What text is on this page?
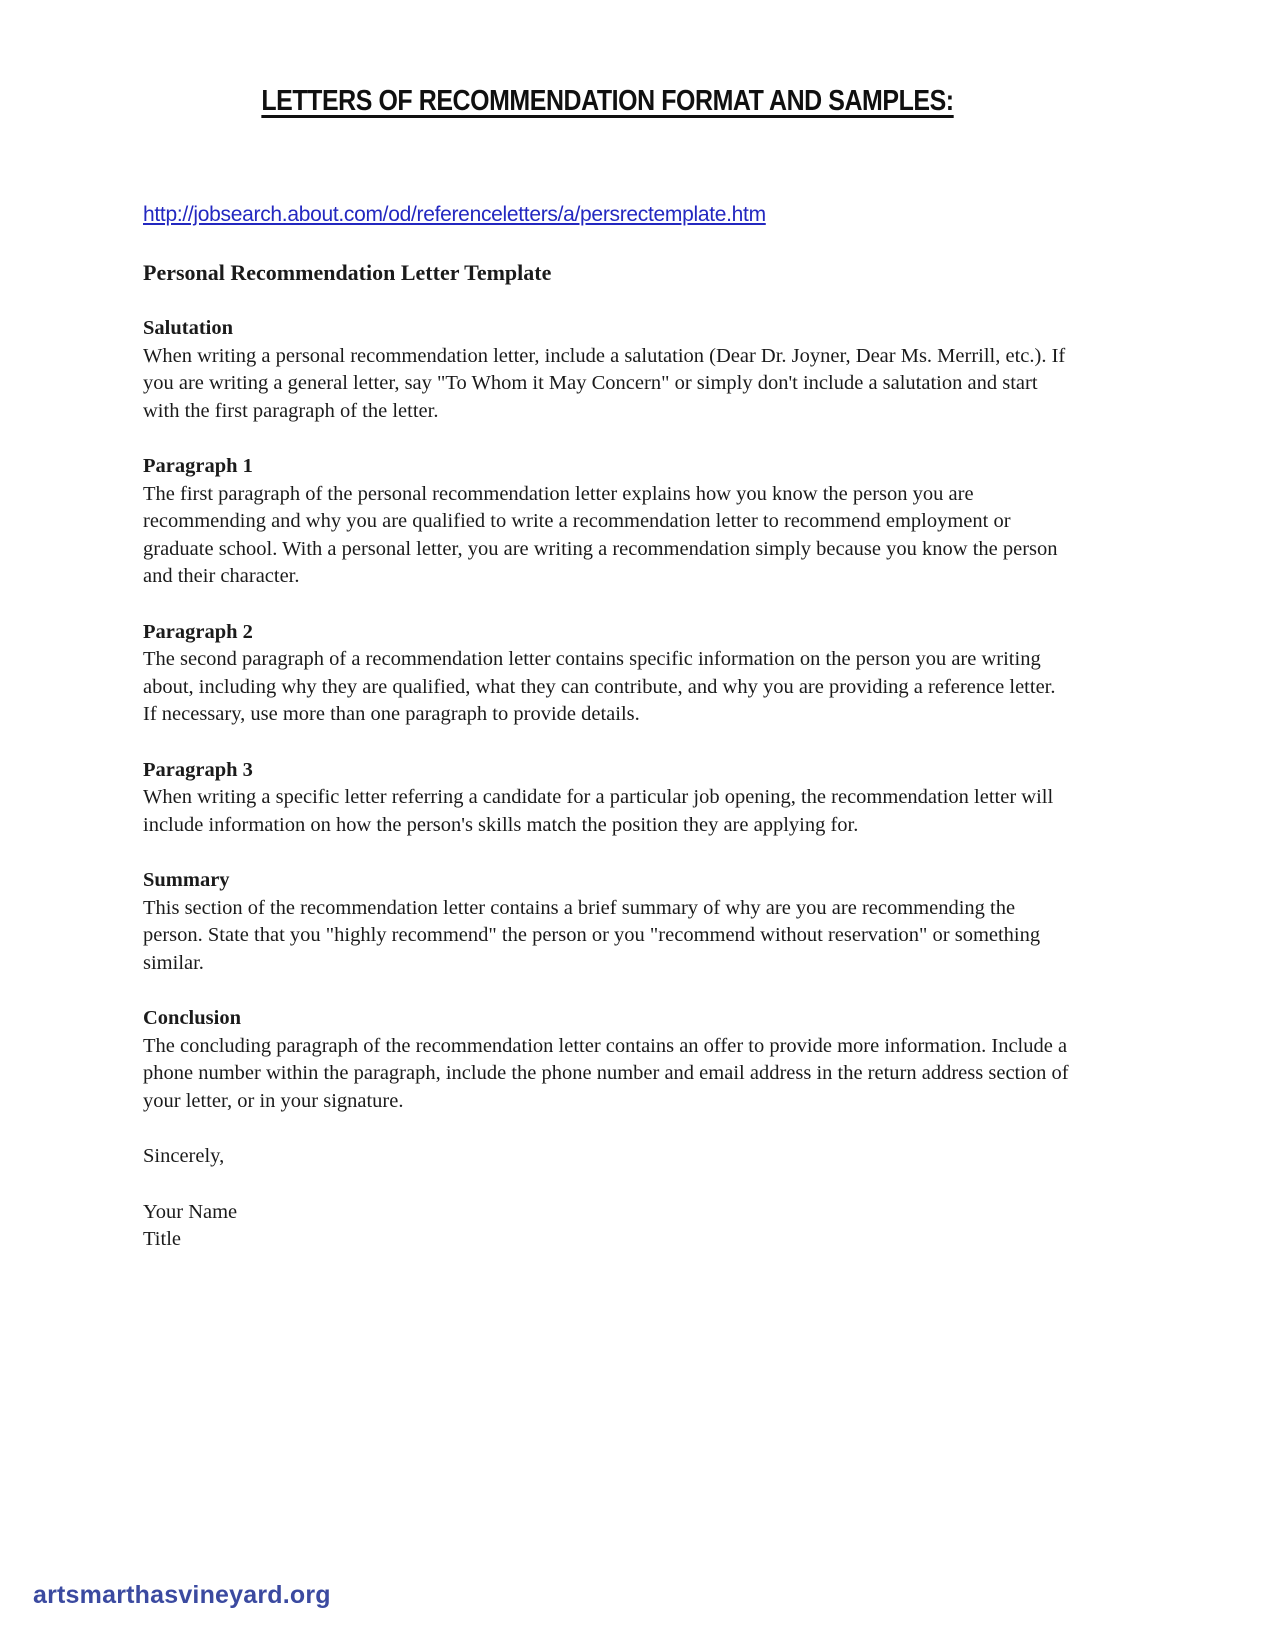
LETTERS OF RECOMMENDATION FORMAT AND SAMPLES:
http://jobsearch.about.com/od/referenceletters/a/persrectemplate.htm
Personal Recommendation Letter Template
Salutation
When writing a personal recommendation letter, include a salutation (Dear Dr. Joyner, Dear Ms. Merrill, etc.). If you are writing a general letter, say "To Whom it May Concern" or simply don't include a salutation and start with the first paragraph of the letter.
Paragraph 1
The first paragraph of the personal recommendation letter explains how you know the person you are recommending and why you are qualified to write a recommendation letter to recommend employment or graduate school. With a personal letter, you are writing a recommendation simply because you know the person and their character.
Paragraph 2
The second paragraph of a recommendation letter contains specific information on the person you are writing about, including why they are qualified, what they can contribute, and why you are providing a reference letter. If necessary, use more than one paragraph to provide details.
Paragraph 3
When writing a specific letter referring a candidate for a particular job opening, the recommendation letter will include information on how the person's skills match the position they are applying for.
Summary
This section of the recommendation letter contains a brief summary of why are you are recommending the person. State that you "highly recommend" the person or you "recommend without reservation" or something similar.
Conclusion
The concluding paragraph of the recommendation letter contains an offer to provide more information. Include a phone number within the paragraph, include the phone number and email address in the return address section of your letter, or in your signature.
Sincerely,
Your Name
Title
artsmarthasvineyard.org
